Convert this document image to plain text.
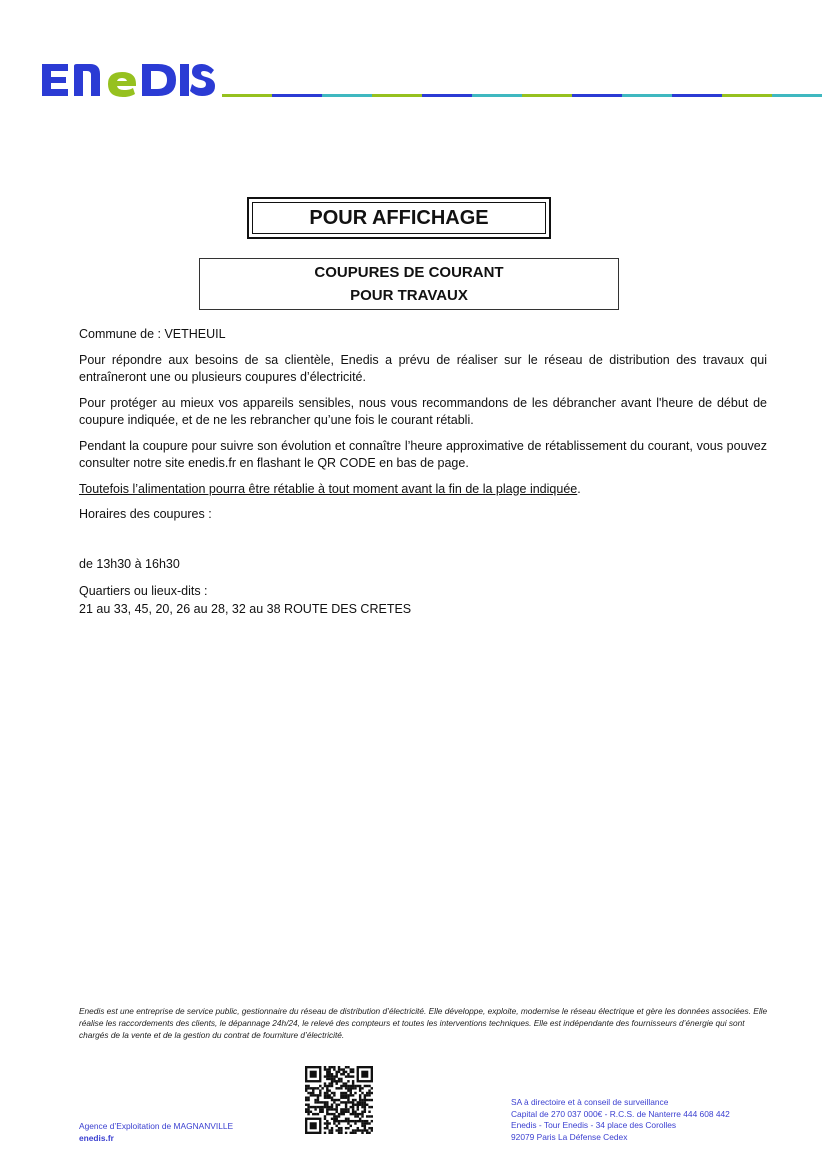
POUR AFFICHAGE
COUPURES DE COURANT
POUR TRAVAUX

Commune de : VETHEUIL

Pour répondre aux besoins de sa clientèle, Enedis a prévu de réaliser sur le réseau de distribution des travaux qui entraîneront une ou plusieurs coupures d’électricité.

Pour protéger au mieux vos appareils sensibles, nous vous recommandons de les débrancher avant l'heure de début de coupure indiquée, et de ne les rebrancher qu’une fois le courant rétabli.

Pendant la coupure pour suivre son évolution et connaître l’heure approximative de rétablissement du courant, vous pouvez consulter notre site enedis.fr en flashant le QR CODE en bas de page.

Toutefois l’alimentation pourra être rétablie à tout moment avant la fin de la plage indiquée.

Horaires des coupures :

de 13h30 à 16h30

Quartiers ou lieux-dits :
21 au 33, 45, 20, 26 au 28, 32 au 38 ROUTE DES CRETES
Enedis est une entreprise de service public, gestionnaire du réseau de distribution d’électricité. Elle développe, exploite, modernise le réseau électrique et gère les données associées. Elle réalise les raccordements des clients, le dépannage 24h/24, le relevé des compteurs et toutes les interventions techniques. Elle est indépendante des fournisseurs d’énergie qui sont chargés de la vente et de la gestion du contrat de fourniture d’électricité.
Agence d’Exploitation de MAGNANVILLE
enedis.fr
SA à directoire et à conseil de surveillance
Capital de 270 037 000€ - R.C.S. de Nanterre 444 608 442
Enedis - Tour Enedis - 34 place des Corolles
92079 Paris La Défense Cedex
